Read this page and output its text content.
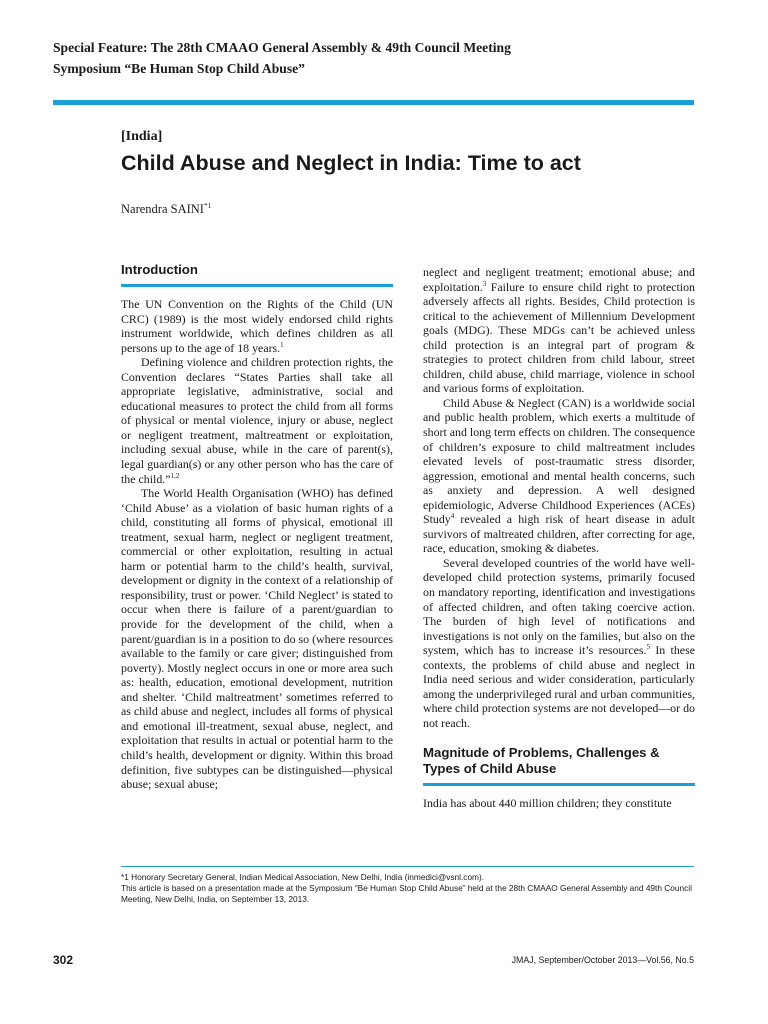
Special Feature: The 28th CMAAO General Assembly & 49th Council Meeting
Symposium “Be Human Stop Child Abuse”
[India]
Child Abuse and Neglect in India: Time to act
Narendra SAINI$^{*1}$
Introduction

The UN Convention on the Rights of the Child (UN CRC) (1989) is the most widely endorsed child rights instrument worldwide, which defines children as all persons up to the age of 18 years.$^1$

Defining violence and children protection rights, the Convention declares “States Parties shall take all appropriate legislative, administrative, social and educational measures to protect the child from all forms of physical or mental violence, injury or abuse, neglect or negligent treatment, maltreatment or exploitation, including sexual abuse, while in the care of parent(s), legal guardian(s) or any other person who has the care of the child.”$^{1,2}$

The World Health Organisation (WHO) has defined ‘Child Abuse’ as a violation of basic human rights of a child, constituting all forms of physical, emotional ill treatment, sexual harm, neglect or negligent treatment, commercial or other exploitation, resulting in actual harm or potential harm to the child’s health, survival, development or dignity in the context of a relationship of responsibility, trust or power. ‘Child Neglect’ is stated to occur when there is failure of a parent/guardian to provide for the development of the child, when a parent/guardian is in a position to do so (where resources available to the family or care giver; distinguished from poverty). Mostly neglect occurs in one or more area such as: health, education, emotional development, nutrition and shelter. ‘Child maltreatment’ sometimes referred to as child abuse and neglect, includes all forms of physical and emotional ill-treatment, sexual abuse, neglect, and exploitation that results in actual or potential harm to the child’s health, development or dignity. Within this broad definition, five subtypes can be distinguished—physical abuse; sexual abuse;

neglect and negligent treatment; emotional abuse; and exploitation.$^3$ Failure to ensure child right to protection adversely affects all rights. Besides, Child protection is critical to the achievement of Millennium Development goals (MDG). These MDGs can’t be achieved unless child protection is an integral part of program & strategies to protect children from child labour, street children, child abuse, child marriage, violence in school and various forms of exploitation.

Child Abuse & Neglect (CAN) is a worldwide social and public health problem, which exerts a multitude of short and long term effects on children. The consequence of children’s exposure to child maltreatment includes elevated levels of post-traumatic stress disorder, aggression, emotional and mental health concerns, such as anxiety and depression. A well designed epidemiologic, Adverse Childhood Experiences (ACEs) Study$^4$ revealed a high risk of heart disease in adult survivors of maltreated children, after correcting for age, race, education, smoking & diabetes.

Several developed countries of the world have well-developed child protection systems, primarily focused on mandatory reporting, identification and investigations of affected children, and often taking coercive action. The burden of high level of notifications and investigations is not only on the families, but also on the system, which has to increase it’s resources.$^5$ In these contexts, the problems of child abuse and neglect in India need serious and wider consideration, particularly among the underprivileged rural and urban communities, where child protection systems are not developed—or do not reach.

Magnitude of Problems, Challenges & Types of Child Abuse

India has about 440 million children; they constitute

*1 Honorary Secretary General, Indian Medical Association, New Delhi, India (inmedici@vsnl.com).
This article is based on a presentation made at the Symposium “Be Human Stop Child Abuse” held at the 28th CMAAO General Assembly and 49th Council Meeting, New Delhi, India, on September 13, 2013.
302	JMAJ, September/October 2013—Vol.56, No.5
